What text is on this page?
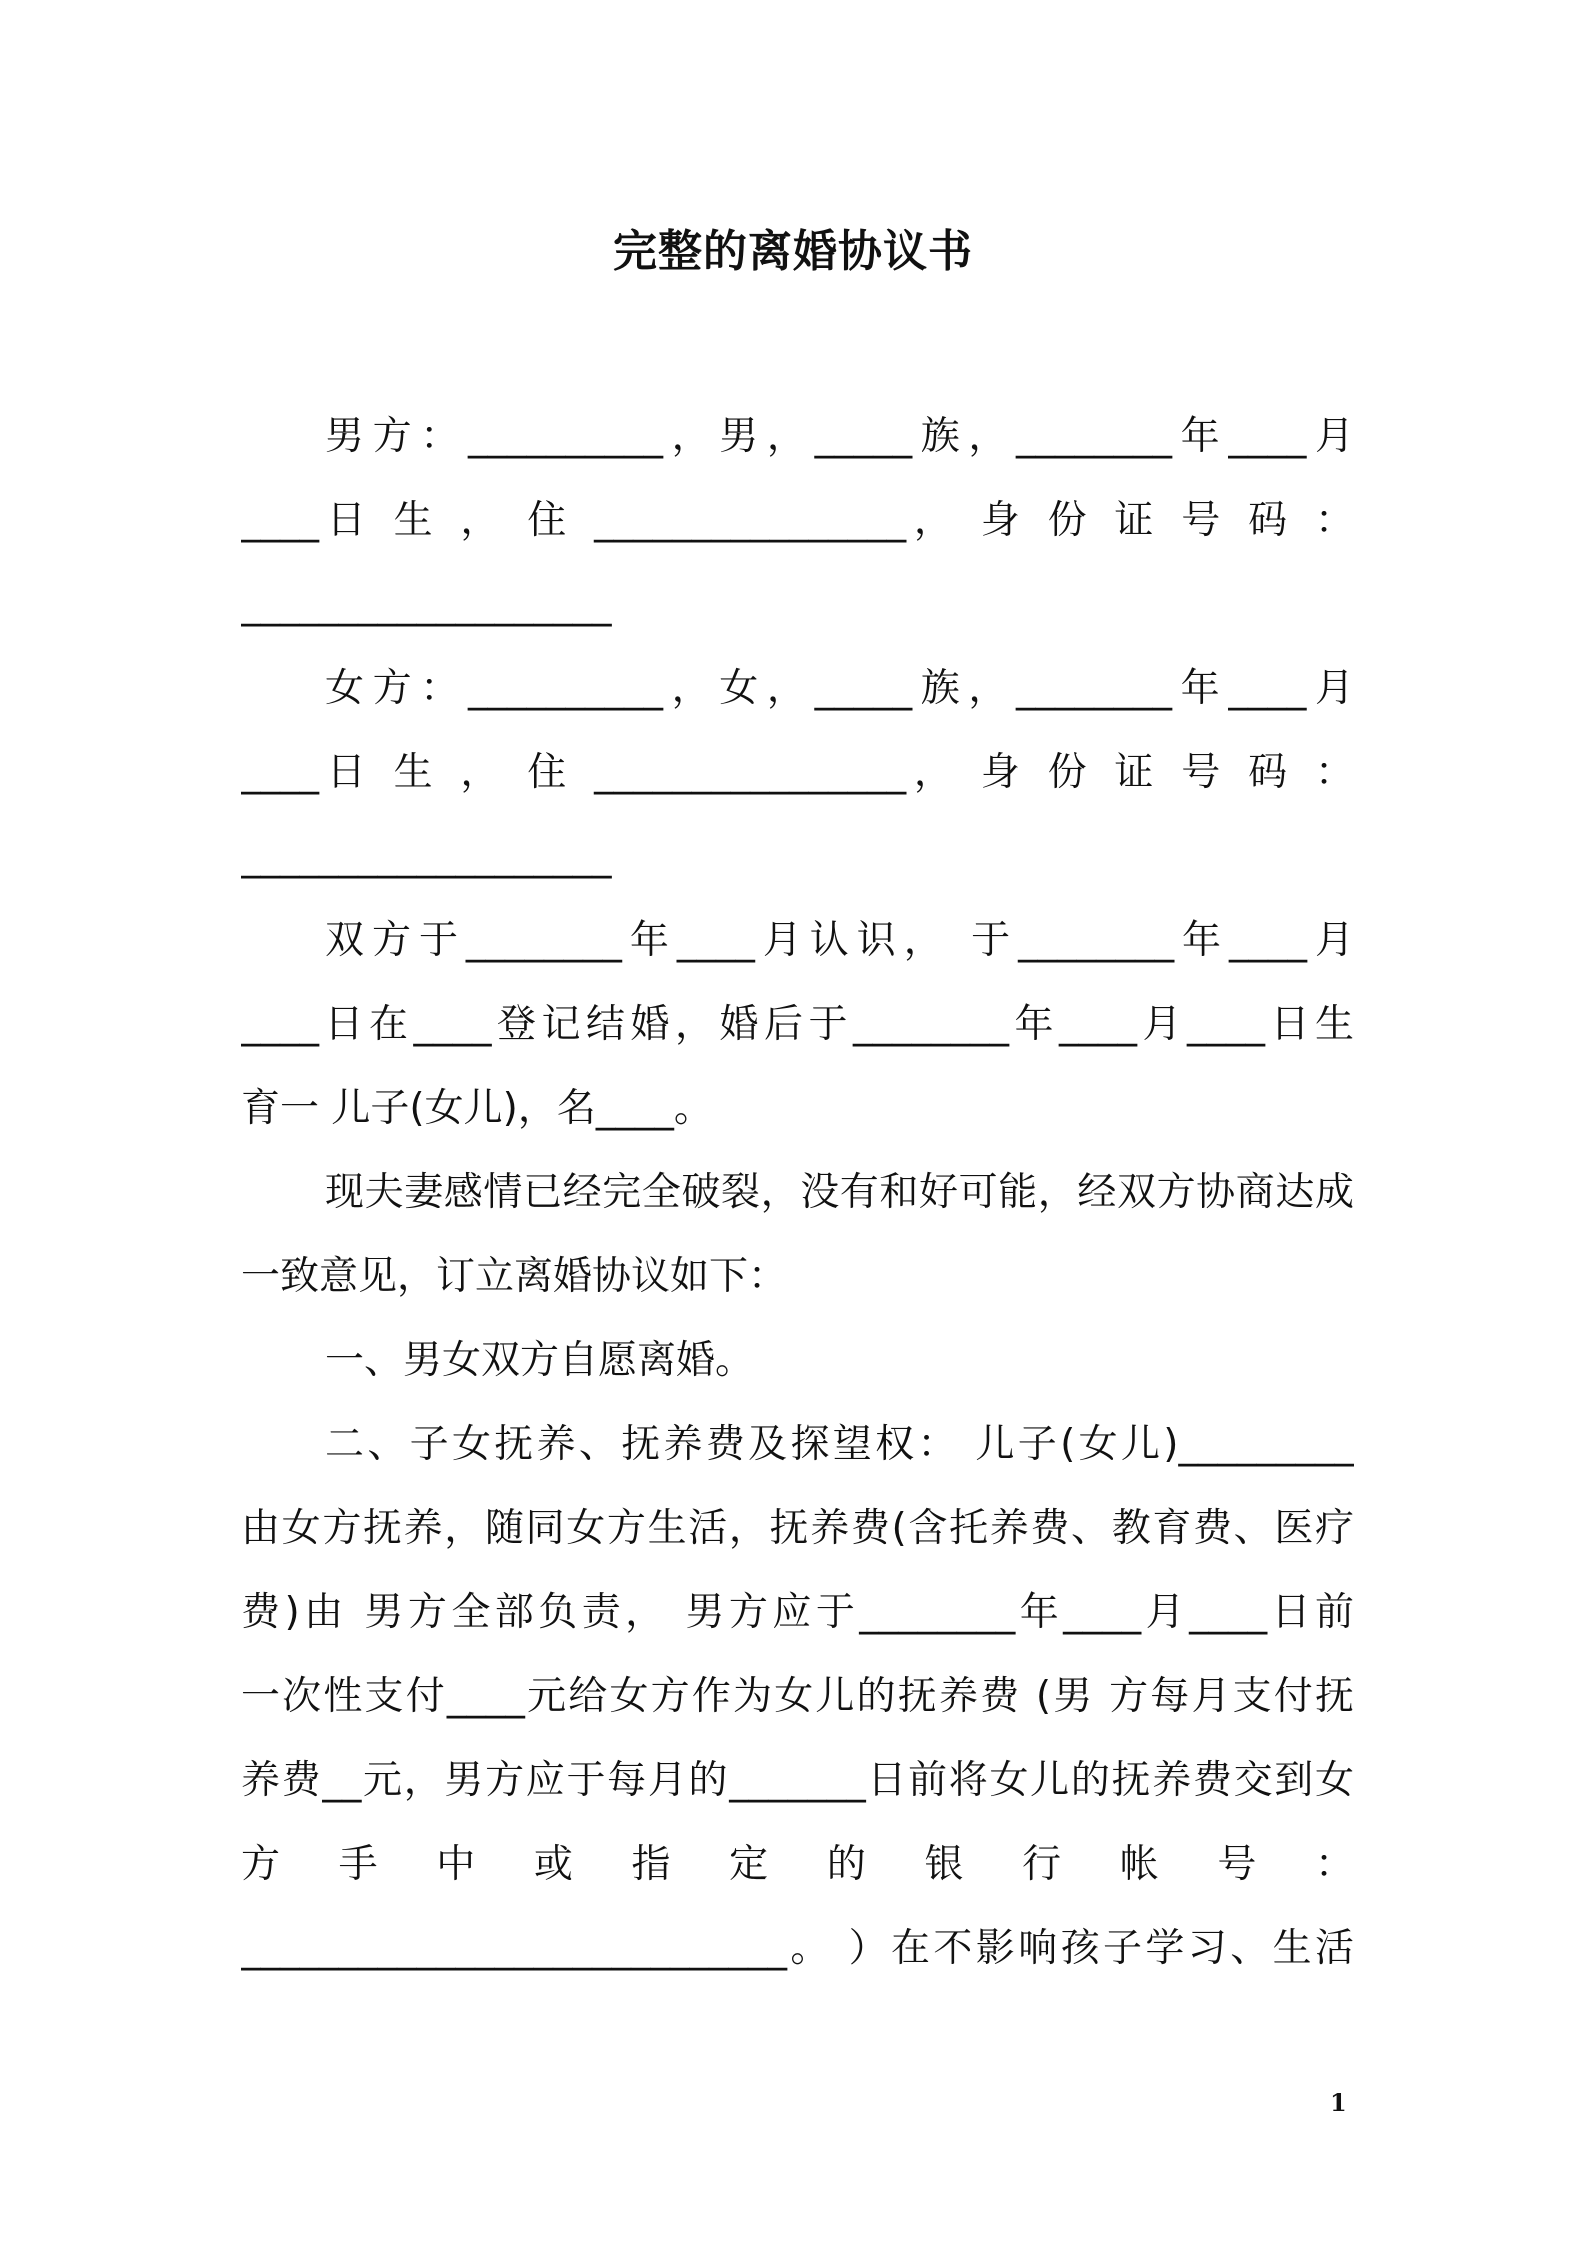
完整的离婚协议书
男方：__________，男，_____族，________年____月
____日 生 ， 住 ________________， 身 份 证 号 码 ：
___________________
女方：__________，女，_____族，________年____月
____日 生 ， 住 ________________， 身 份 证 号 码 ：
___________________
双方于________年____月认识， 于________年____月
____日在____登记结婚，婚后于________年____月____日生
育一 儿子(女儿)，名____。
现夫妻感情已经完全破裂，没有和好可能，经双方协商达成
一致意见，订立离婚协议如下：
一、男女双方自愿离婚。
二、子女抚养、抚养费及探望权： 儿子(女儿)_________
由女方抚养，随同女方生活，抚养费(含托养费、教育费、医疗
费)由 男方全部负责， 男方应于________年____月____日前
一次性支付____元给女方作为女儿的抚养费 (男 方每月支付抚
养费__元，男方应于每月的_______日前将女儿的抚养费交到女
方 手 中 或 指 定 的 银 行 帐 号 ：
____________________________。 ）在不影响孩子学习、生活
1
